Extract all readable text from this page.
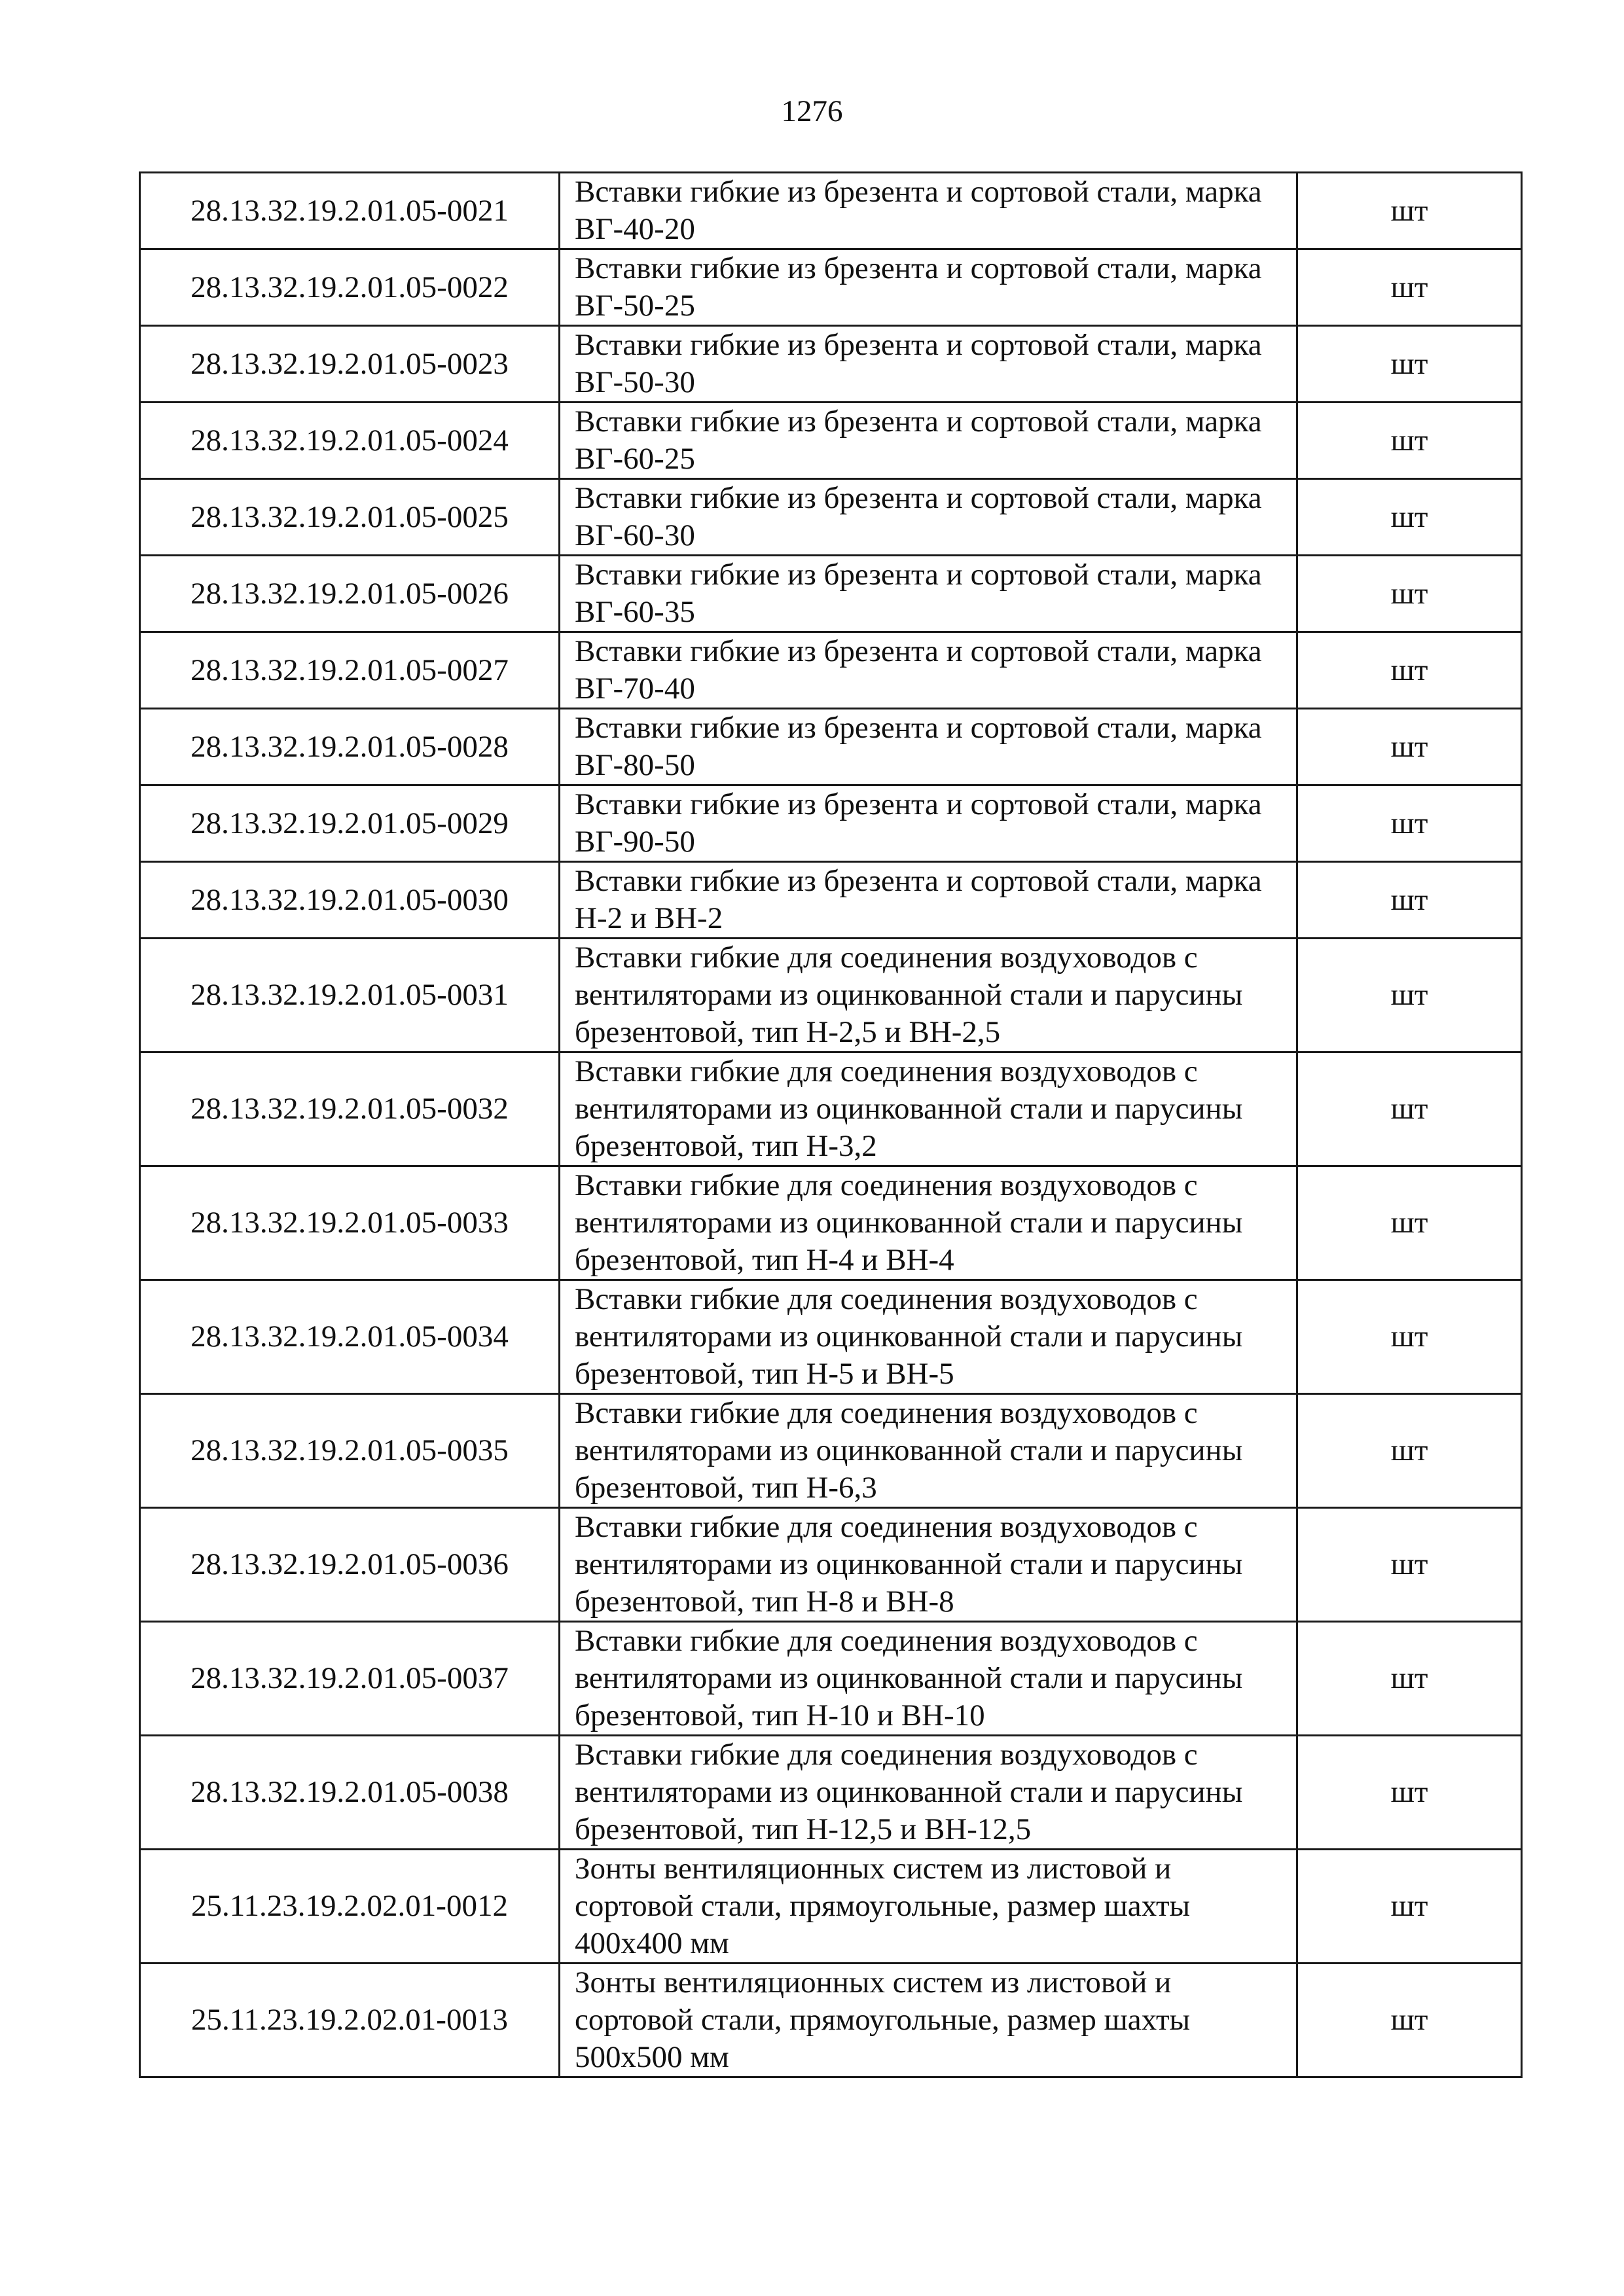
1276
28.13.32.19.2.01.05-0021	Вставки гибкие из брезента и сортовой стали, марка ВГ-40-20	шт
28.13.32.19.2.01.05-0022	Вставки гибкие из брезента и сортовой стали, марка ВГ-50-25	шт
28.13.32.19.2.01.05-0023	Вставки гибкие из брезента и сортовой стали, марка ВГ-50-30	шт
28.13.32.19.2.01.05-0024	Вставки гибкие из брезента и сортовой стали, марка ВГ-60-25	шт
28.13.32.19.2.01.05-0025	Вставки гибкие из брезента и сортовой стали, марка ВГ-60-30	шт
28.13.32.19.2.01.05-0026	Вставки гибкие из брезента и сортовой стали, марка ВГ-60-35	шт
28.13.32.19.2.01.05-0027	Вставки гибкие из брезента и сортовой стали, марка ВГ-70-40	шт
28.13.32.19.2.01.05-0028	Вставки гибкие из брезента и сортовой стали, марка ВГ-80-50	шт
28.13.32.19.2.01.05-0029	Вставки гибкие из брезента и сортовой стали, марка ВГ-90-50	шт
28.13.32.19.2.01.05-0030	Вставки гибкие из брезента и сортовой стали, марка Н-2 и ВН-2	шт
28.13.32.19.2.01.05-0031	Вставки гибкие для соединения воздуховодов с вентиляторами из оцинкованной стали и парусины брезентовой, тип Н-2,5 и ВН-2,5	шт
28.13.32.19.2.01.05-0032	Вставки гибкие для соединения воздуховодов с вентиляторами из оцинкованной стали и парусины брезентовой, тип Н-3,2	шт
28.13.32.19.2.01.05-0033	Вставки гибкие для соединения воздуховодов с вентиляторами из оцинкованной стали и парусины брезентовой, тип Н-4 и ВН-4	шт
28.13.32.19.2.01.05-0034	Вставки гибкие для соединения воздуховодов с вентиляторами из оцинкованной стали и парусины брезентовой, тип Н-5 и ВН-5	шт
28.13.32.19.2.01.05-0035	Вставки гибкие для соединения воздуховодов с вентиляторами из оцинкованной стали и парусины брезентовой, тип Н-6,3	шт
28.13.32.19.2.01.05-0036	Вставки гибкие для соединения воздуховодов с вентиляторами из оцинкованной стали и парусины брезентовой, тип Н-8 и ВН-8	шт
28.13.32.19.2.01.05-0037	Вставки гибкие для соединения воздуховодов с вентиляторами из оцинкованной стали и парусины брезентовой, тип Н-10 и ВН-10	шт
28.13.32.19.2.01.05-0038	Вставки гибкие для соединения воздуховодов с вентиляторами из оцинкованной стали и парусины брезентовой, тип Н-12,5 и ВН-12,5	шт
25.11.23.19.2.02.01-0012	Зонты вентиляционных систем из листовой и сортовой стали, прямоугольные, размер шахты 400х400 мм	шт
25.11.23.19.2.02.01-0013	Зонты вентиляционных систем из листовой и сортовой стали, прямоугольные, размер шахты 500х500 мм	шт
